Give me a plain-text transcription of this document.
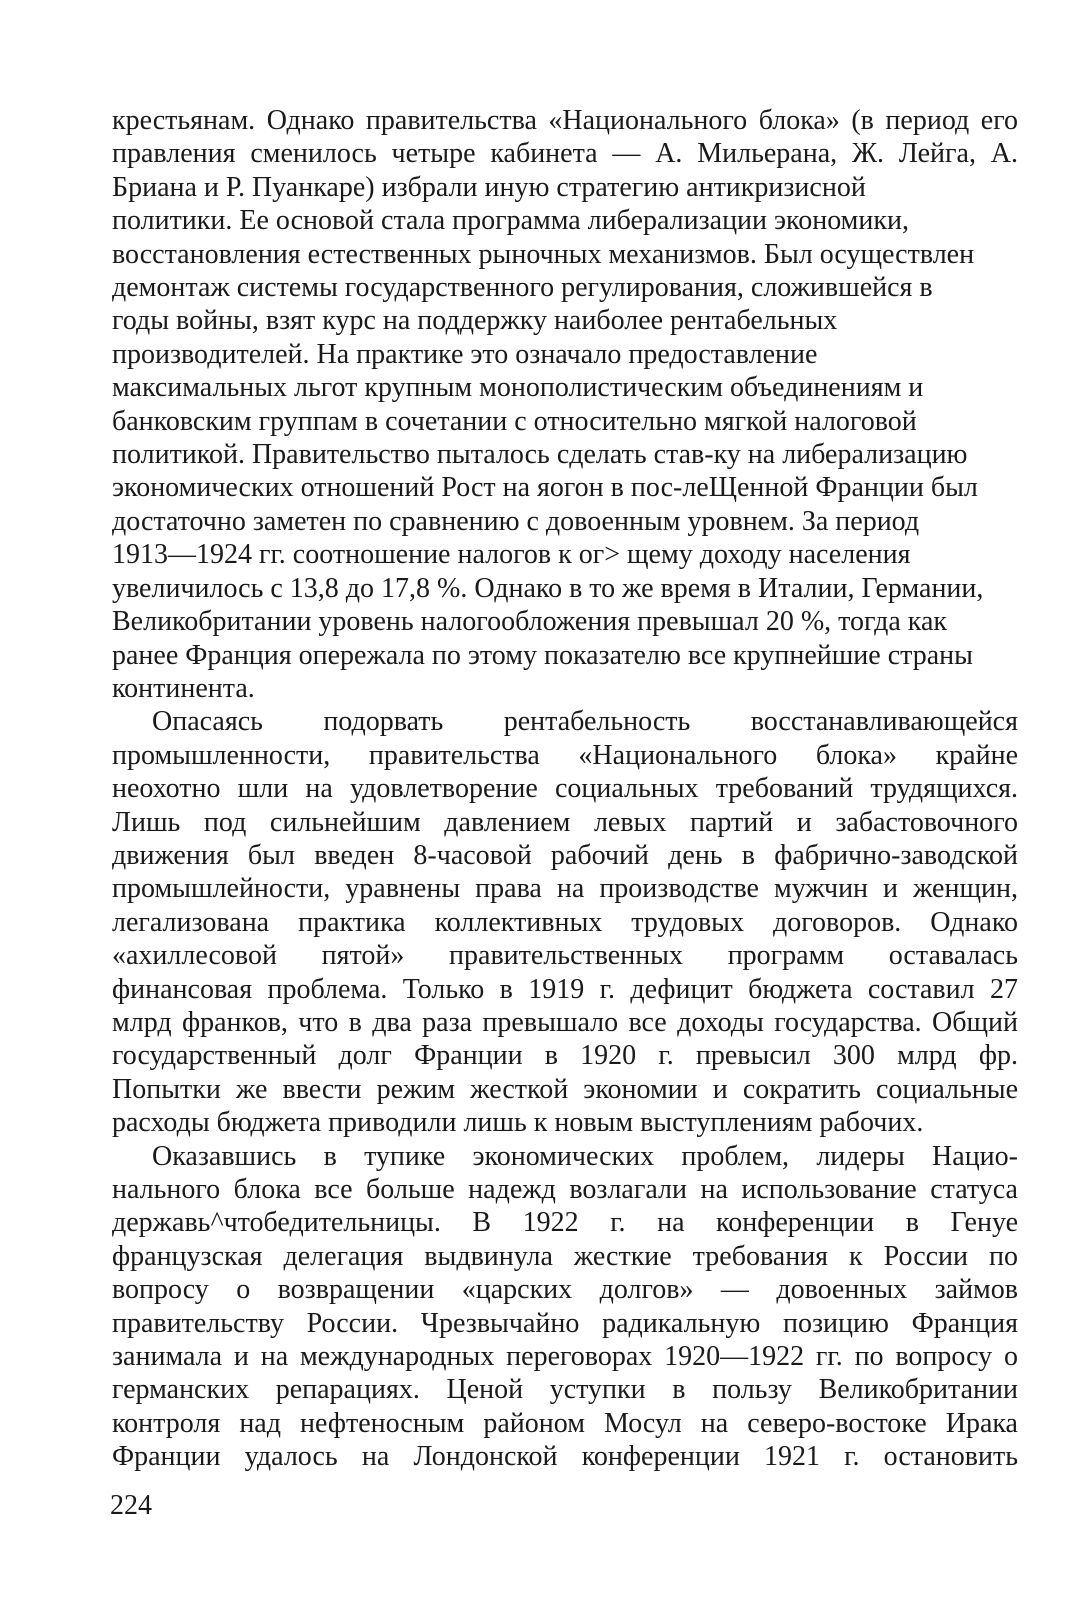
крестьянам. Однако правительства «Национального блока» (в период его
правления сменилось четыре кабинета — А. Мильерана, Ж. Лейга, А.
Бриана и Р. Пуанкаре) избрали иную стратегию антикризисной
политики. Ее основой стала программа либерализации экономики,
восстановления естественных рыночных механизмов. Был осуществлен
демонтаж системы государственного регулирования, сложившейся в
годы войны, взят курс на поддержку наиболее рентабельных
производителей. На практике это означало предоставление
максимальных льгот крупным монополистическим объединениям и
банковским группам в сочетании с относительно мягкой налоговой
политикой. Правительство пыталось сделать став-ку на либерализацию
экономических отношений Рост на яогон в пос-леЩенной Франции был
достаточно заметен по сравнению с довоенным уровнем. За период
1913—1924 гг. соотношение налогов к ог> щему доходу населения
увеличилось с 13,8 до 17,8 %. Однако в то же время в Италии, Германии,
Великобритании уровень налогообложения превышал 20 %, тогда как
ранее Франция опережала по этому показателю все крупнейшие страны
континента.
Опасаясь подорвать рентабельность восстанавливающейся
промышленности, правительства «Национального блока» крайне
неохотно шли на удовлетворение социальных требований трудящихся.
Лишь под сильнейшим давлением левых партий и забастовочного
движения был введен 8-часовой рабочий день в фабрично-заводской
промышлейности, уравнены права на производстве мужчин и женщин,
легализована практика коллективных трудовых договоров. Однако
«ахиллесовой пятой» правительственных программ оставалась
финансовая проблема. Только в 1919 г. дефицит бюджета составил 27
млрд франков, что в два раза превышало все доходы государства. Общий
государственный долг Франции в 1920 г. превысил 300 млрд фр.
Попытки же ввести режим жесткой экономии и сократить социальные
расходы бюджета приводили лишь к новым выступлениям рабочих.
Оказавшись в тупике экономических проблем, лидеры Нацио-
нального блока все больше надежд возлагали на использование статуса
державь^чтобедительницы. В 1922 г. на конференции в Генуе
французская делегация выдвинула жесткие требования к России по
вопросу о возвращении «царских долгов» — довоенных займов
правительству России. Чрезвычайно радикальную позицию Франция
занимала и на международных переговорах 1920—1922 гг. по вопросу о
германских репарациях. Ценой уступки в пользу Великобритании
контроля над нефтеносным районом Мосул на северо-востоке Ирака
Франции удалось на Лондонской конференции 1921 г. остановить
224
